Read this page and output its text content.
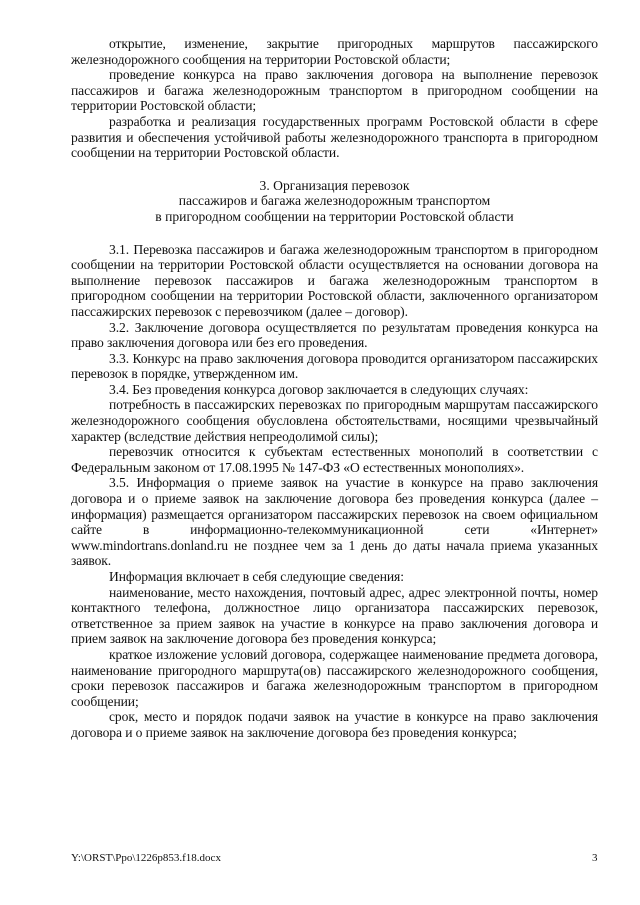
открытие, изменение, закрытие пригородных маршрутов пассажирского железнодорожного сообщения на территории Ростовской области;

проведение конкурса на право заключения договора на выполнение перевозок пассажиров и багажа железнодорожным транспортом в пригородном сообщении на территории Ростовской области;

разработка и реализация государственных программ Ростовской области в сфере развития и обеспечения устойчивой работы железнодорожного транспорта в пригородном сообщении на территории Ростовской области.

3. Организация перевозок
пассажиров и багажа железнодорожным транспортом
в пригородном сообщении на территории Ростовской области

3.1. Перевозка пассажиров и багажа железнодорожным транспортом в пригородном сообщении на территории Ростовской области осуществляется на основании договора на выполнение перевозок пассажиров и багажа железнодорожным транспортом в пригородном сообщении на территории Ростовской области, заключенного организатором пассажирских перевозок с перевозчиком (далее – договор).

3.2. Заключение договора осуществляется по результатам проведения конкурса на право заключения договора или без его проведения.

3.3. Конкурс на право заключения договора проводится организатором пассажирских перевозок в порядке, утвержденном им.

3.4. Без проведения конкурса договор заключается в следующих случаях:

потребность в пассажирских перевозках по пригородным маршрутам пассажирского железнодорожного сообщения обусловлена обстоятельствами, носящими чрезвычайный характер (вследствие действия непреодолимой силы);

перевозчик относится к субъектам естественных монополий в соответствии с Федеральным законом от 17.08.1995 № 147-ФЗ «О естественных монополиях».

3.5. Информация о приеме заявок на участие в конкурсе на право заключения договора и о приеме заявок на заключение договора без проведения конкурса (далее – информация) размещается организатором пассажирских перевозок на своем официальном сайте в информационно-телекоммуникационной сети «Интернет» www.mindortrans.donland.ru не позднее чем за 1 день до даты начала приема указанных заявок.

Информация включает в себя следующие сведения:

наименование, место нахождения, почтовый адрес, адрес электронной почты, номер контактного телефона, должностное лицо организатора пассажирских перевозок, ответственное за прием заявок на участие в конкурсе на право заключения договора и прием заявок на заключение договора без проведения конкурса;

краткое изложение условий договора, содержащее наименование предмета договора, наименование пригородного маршрута(ов) пассажирского железнодорожного сообщения, сроки перевозок пассажиров и багажа железнодорожным транспортом в пригородном сообщении;

срок, место и порядок подачи заявок на участие в конкурсе на право заключения договора и о приеме заявок на заключение договора без проведения конкурса;

Y:\ORST\Ppo\1226p853.f18.docx	3
